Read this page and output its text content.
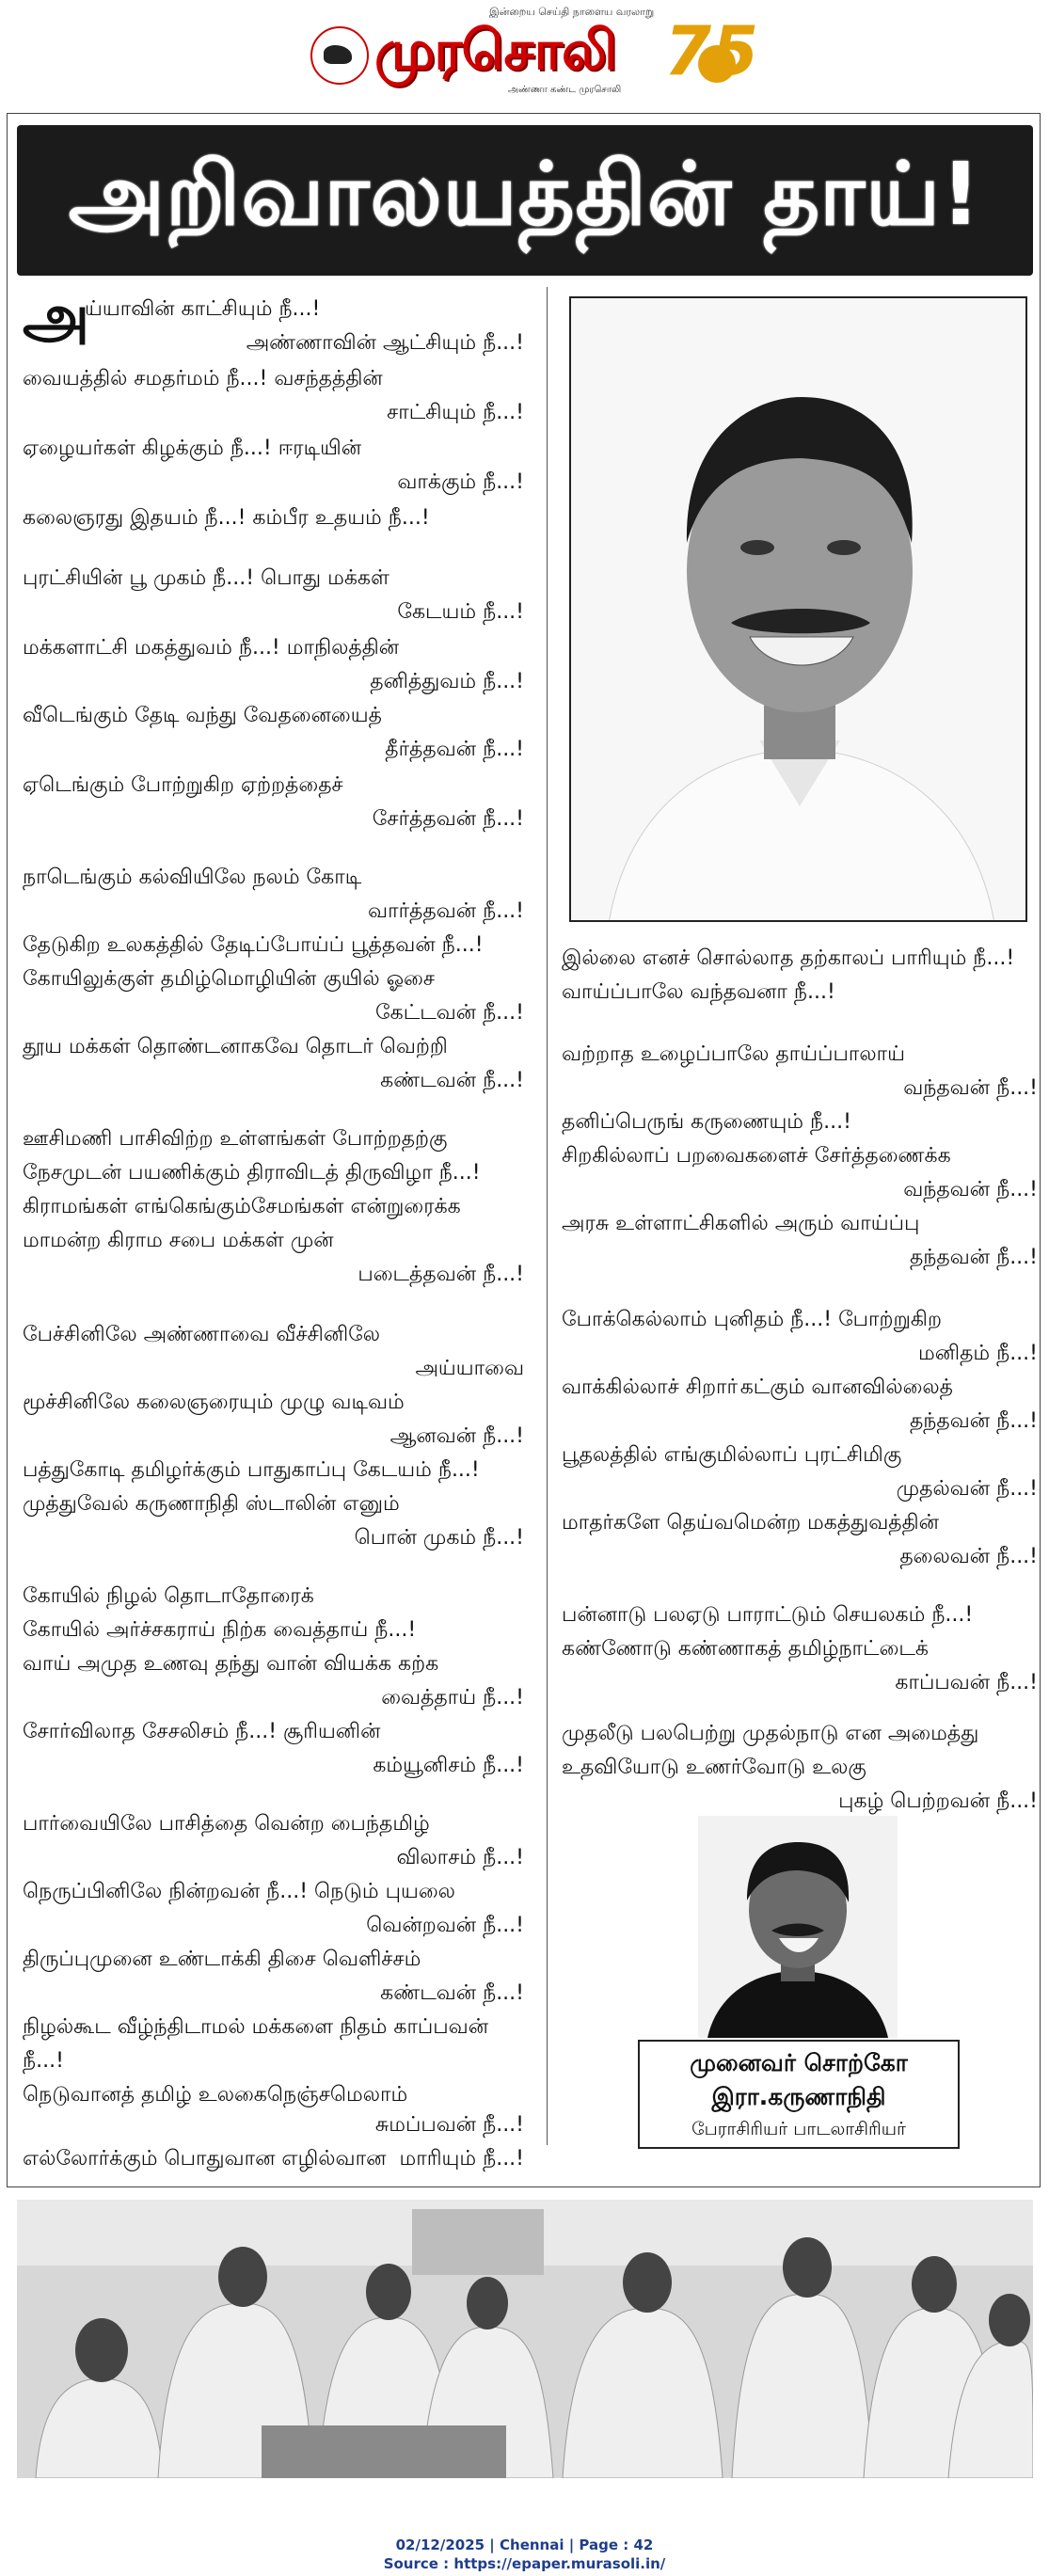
இன்றைய செய்தி நாளைய வரலாறு
முரசொலி 75
அண்ணா கண்ட முரசொலி
அறிவாலயத்தின் தாய்!
அ
ய்யாவின் காட்சியும் நீ...!
அண்ணாவின் ஆட்சியும் நீ...!
வையத்தில் சமதர்மம் நீ...! வசந்தத்தின்
சாட்சியும் நீ...!
ஏழையர்கள் கிழக்கும் நீ...! ஈரடியின்
வாக்கும் நீ...!
கலைஞரது இதயம் நீ...! கம்பீர உதயம் நீ...!
புரட்சியின் பூ முகம் நீ...! பொது மக்கள்
கேடயம் நீ...!
மக்களாட்சி மகத்துவம் நீ...! மாநிலத்தின்
தனித்துவம் நீ...!
வீடெங்கும் தேடி வந்து வேதனையைத்
தீர்த்தவன் நீ...!
ஏடெங்கும் போற்றுகிற ஏற்றத்தைச்
சேர்த்தவன் நீ...!
நாடெங்கும் கல்வியிலே நலம் கோடி
வார்த்தவன் நீ...!
தேடுகிற உலகத்தில் தேடிப்போய்ப் பூத்தவன் நீ...!
கோயிலுக்குள் தமிழ்மொழியின் குயில் ஓசை
கேட்டவன் நீ...!
தூய மக்கள் தொண்டனாகவே தொடர் வெற்றி
கண்டவன் நீ...!
ஊசிமணி பாசிவிற்ற உள்ளங்கள் போற்றதற்கு
நேசமுடன் பயணிக்கும் திராவிடத் திருவிழா நீ...!
கிராமங்கள் எங்கெங்கும்சேமங்கள் என்றுரைக்க
மாமன்ற கிராம சபை மக்கள் முன்
படைத்தவன் நீ...!
பேச்சினிலே அண்ணாவை வீச்சினிலே
அய்யாவை
மூச்சினிலே கலைஞரையும் முழு வடிவம்
ஆனவன் நீ...!
பத்துகோடி தமிழர்க்கும் பாதுகாப்பு கேடயம் நீ...!
முத்துவேல் கருணாநிதி ஸ்டாலின் எனும்
பொன் முகம் நீ...!
கோயில் நிழல் தொடாதோரைக்
கோயில் அர்ச்சகராய் நிற்க வைத்தாய் நீ...!
வாய் அமுத உணவு தந்து வான் வியக்க கற்க
வைத்தாய் நீ...!
சோர்விலாத சேசலிசம் நீ...! சூரியனின்
கம்யூனிசம் நீ...!
பார்வையிலே பாசித்தை வென்ற பைந்தமிழ்
விலாசம் நீ...!
நெருப்பினிலே நின்றவன் நீ...! நெடும் புயலை
வென்றவன் நீ...!
திருப்புமுனை உண்டாக்கி திசை வெளிச்சம்
கண்டவன் நீ...!
நிழல்கூட வீழ்ந்திடாமல் மக்களை நிதம் காப்பவன்
நீ...!
நெடுவானத் தமிழ் உலகைநெஞ்சமெலாம்
சுமப்பவன் நீ...!
எல்லோர்க்கும் பொதுவான எழில்வான மாரியும் நீ...!
இல்லை எனச் சொல்லாத தற்காலப் பாரியும் நீ...!
வாய்ப்பாலே வந்தவனா நீ...!
வற்றாத உழைப்பாலே தாய்ப்பாலாய்
வந்தவன் நீ...!
தனிப்பெருங் கருணையும் நீ...!
சிறகில்லாப் பறவைகளைச் சேர்த்தணைக்க
வந்தவன் நீ...!
அரசு உள்ளாட்சிகளில் அரும் வாய்ப்பு
தந்தவன் நீ...!
போக்கெல்லாம் புனிதம் நீ...! போற்றுகிற
மனிதம் நீ...!
வாக்கில்லாச் சிறாா்கட்கும் வானவில்லைத்
தந்தவன் நீ...!
பூதலத்தில் எங்குமில்லாப் புரட்சிமிகு
முதல்வன் நீ...!
மாதர்களே தெய்வமென்ற மகத்துவத்தின்
தலைவன் நீ...!
பன்னாடு பலஏடு பாராட்டும் செயலகம் நீ...!
கண்ணோடு கண்ணாகத் தமிழ்நாட்டைக்
காப்பவன் நீ...!
முதலீடு பலபெற்று முதல்நாடு என அமைத்து
உதவியோடு உணர்வோடு உலகு
புகழ் பெற்றவன் நீ...!
முனைவர் சொற்கோ
இரா.கருணாநிதி
பேராசிரியர் பாடலாசிரியர்
02/12/2025 | Chennai | Page : 42
Source : https://epaper.murasoli.in/
